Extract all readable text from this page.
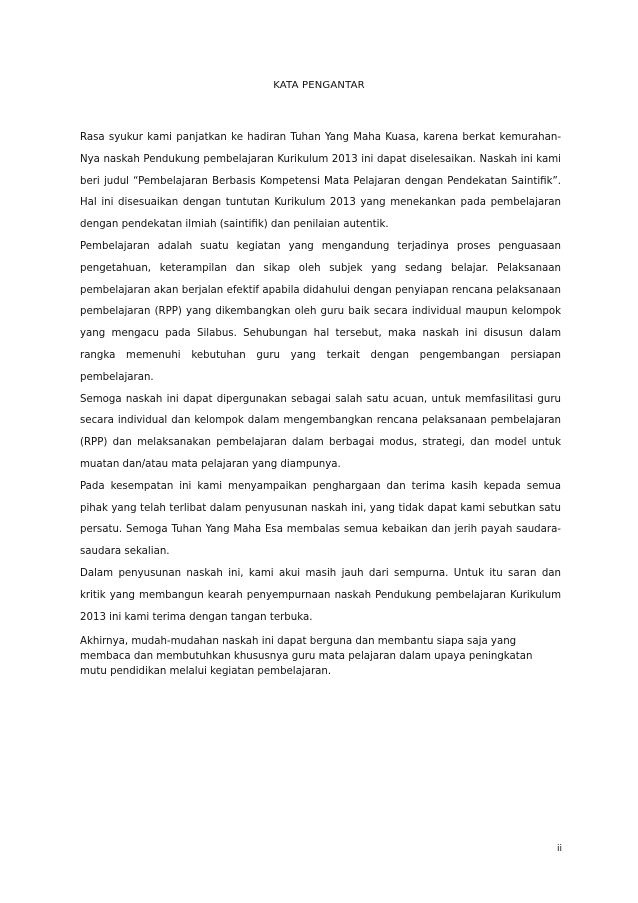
KATA PENGANTAR

Rasa syukur kami panjatkan ke hadiran Tuhan Yang Maha Kuasa, karena berkat kemurahan-Nya naskah Pendukung pembelajaran Kurikulum 2013 ini dapat diselesaikan. Naskah ini kami beri judul “Pembelajaran Berbasis Kompetensi Mata Pelajaran dengan Pendekatan Saintifik”. Hal ini disesuaikan dengan tuntutan Kurikulum 2013 yang menekankan pada pembelajaran dengan pendekatan ilmiah (saintifik) dan penilaian autentik.

Pembelajaran adalah suatu kegiatan yang mengandung terjadinya proses penguasaan pengetahuan, keterampilan dan sikap oleh subjek yang sedang belajar. Pelaksanaan pembelajaran akan berjalan efektif apabila didahului dengan penyiapan rencana pelaksanaan pembelajaran (RPP) yang dikembangkan oleh guru baik secara individual maupun kelompok yang mengacu pada Silabus. Sehubungan hal tersebut, maka naskah ini disusun dalam rangka memenuhi kebutuhan guru yang terkait dengan pengembangan persiapan pembelajaran.

Semoga naskah ini dapat dipergunakan sebagai salah satu acuan, untuk memfasilitasi guru secara individual dan kelompok dalam mengembangkan rencana pelaksanaan pembelajaran (RPP) dan melaksanakan pembelajaran dalam berbagai modus, strategi, dan model untuk muatan dan/atau mata pelajaran yang diampunya.

Pada kesempatan ini kami menyampaikan penghargaan dan terima kasih kepada semua pihak yang telah terlibat dalam penyusunan naskah ini, yang tidak dapat kami sebutkan satu persatu. Semoga Tuhan Yang Maha Esa membalas semua kebaikan dan jerih payah saudara-saudara sekalian.

Dalam penyusunan naskah ini, kami akui masih jauh dari sempurna. Untuk itu saran dan kritik yang membangun kearah penyempurnaan naskah Pendukung pembelajaran Kurikulum 2013 ini kami terima dengan tangan terbuka.

Akhirnya, mudah-mudahan naskah ini dapat berguna dan membantu siapa saja yang membaca dan membutuhkan khususnya guru mata pelajaran dalam upaya peningkatan mutu pendidikan melalui kegiatan pembelajaran.

ii
